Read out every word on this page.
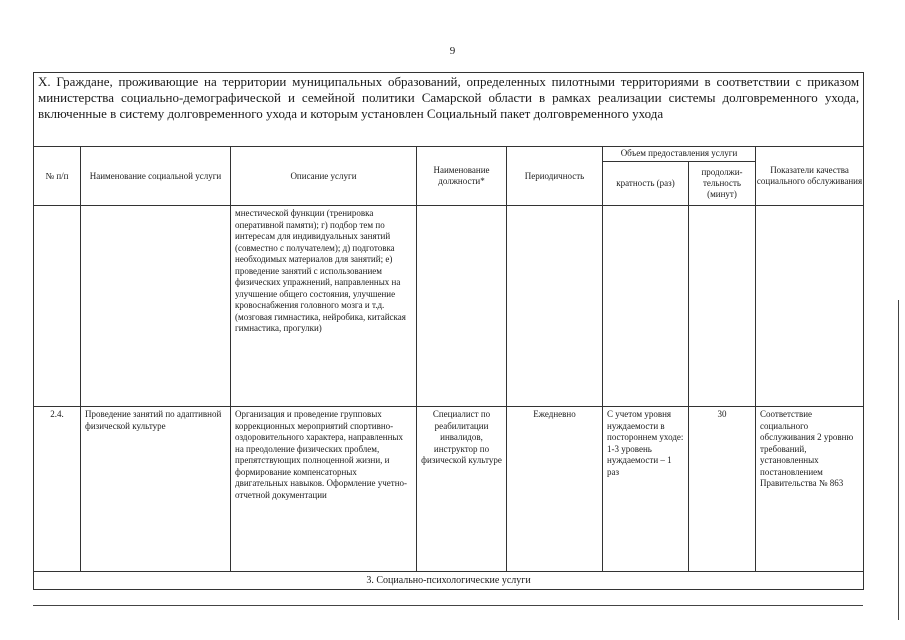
9
X. Граждане, проживающие на территории муниципальных образований, определенных пилотными территориями в соответствии с приказом министерства социально-демографической и семейной политики Самарской области в рамках реализации системы долговременного ухода, включенные в систему долговременного ухода и которым установлен Социальный пакет долговременного ухода							
№ п/п	Наименование социальной услуги	Описание услуги	Наименование должности*	Периодичность	Объем предоставления услуги		Показатели качества социального обслуживания
					кратность (раз)	продолжи-тельность (минут)	
		мнестической функции (тренировка оперативной памяти); г) подбор тем по интересам для индивидуальных занятий (совместно с получателем); д) подготовка необходимых материалов для занятий; е) проведение занятий с использованием физических упражнений, направленных на улучшение общего состояния, улучшение кровоснабжения головного мозга и т.д. (мозговая гимнастика, нейробика, китайская гимнастика, прогулки)					
2.4.	Проведение занятий по адаптивной физической культуре	Организация и проведение групповых коррекционных мероприятий спортивно-оздоровительного характера, направленных на преодоление физических проблем, препятствующих полноценной жизни, и формирование компенсаторных двигательных навыков. Оформление учетно-отчетной документации	Специалист по реабилитации инвалидов, инструктор по физической культуре	Ежедневно	С учетом уровня нуждаемости в постороннем уходе: 1-3 уровень нуждаемости – 1 раз	30	Соответствие социального обслуживания 2 уровню требований, установленных постановлением Правительства № 863
3. Социально-психологические услуги							
